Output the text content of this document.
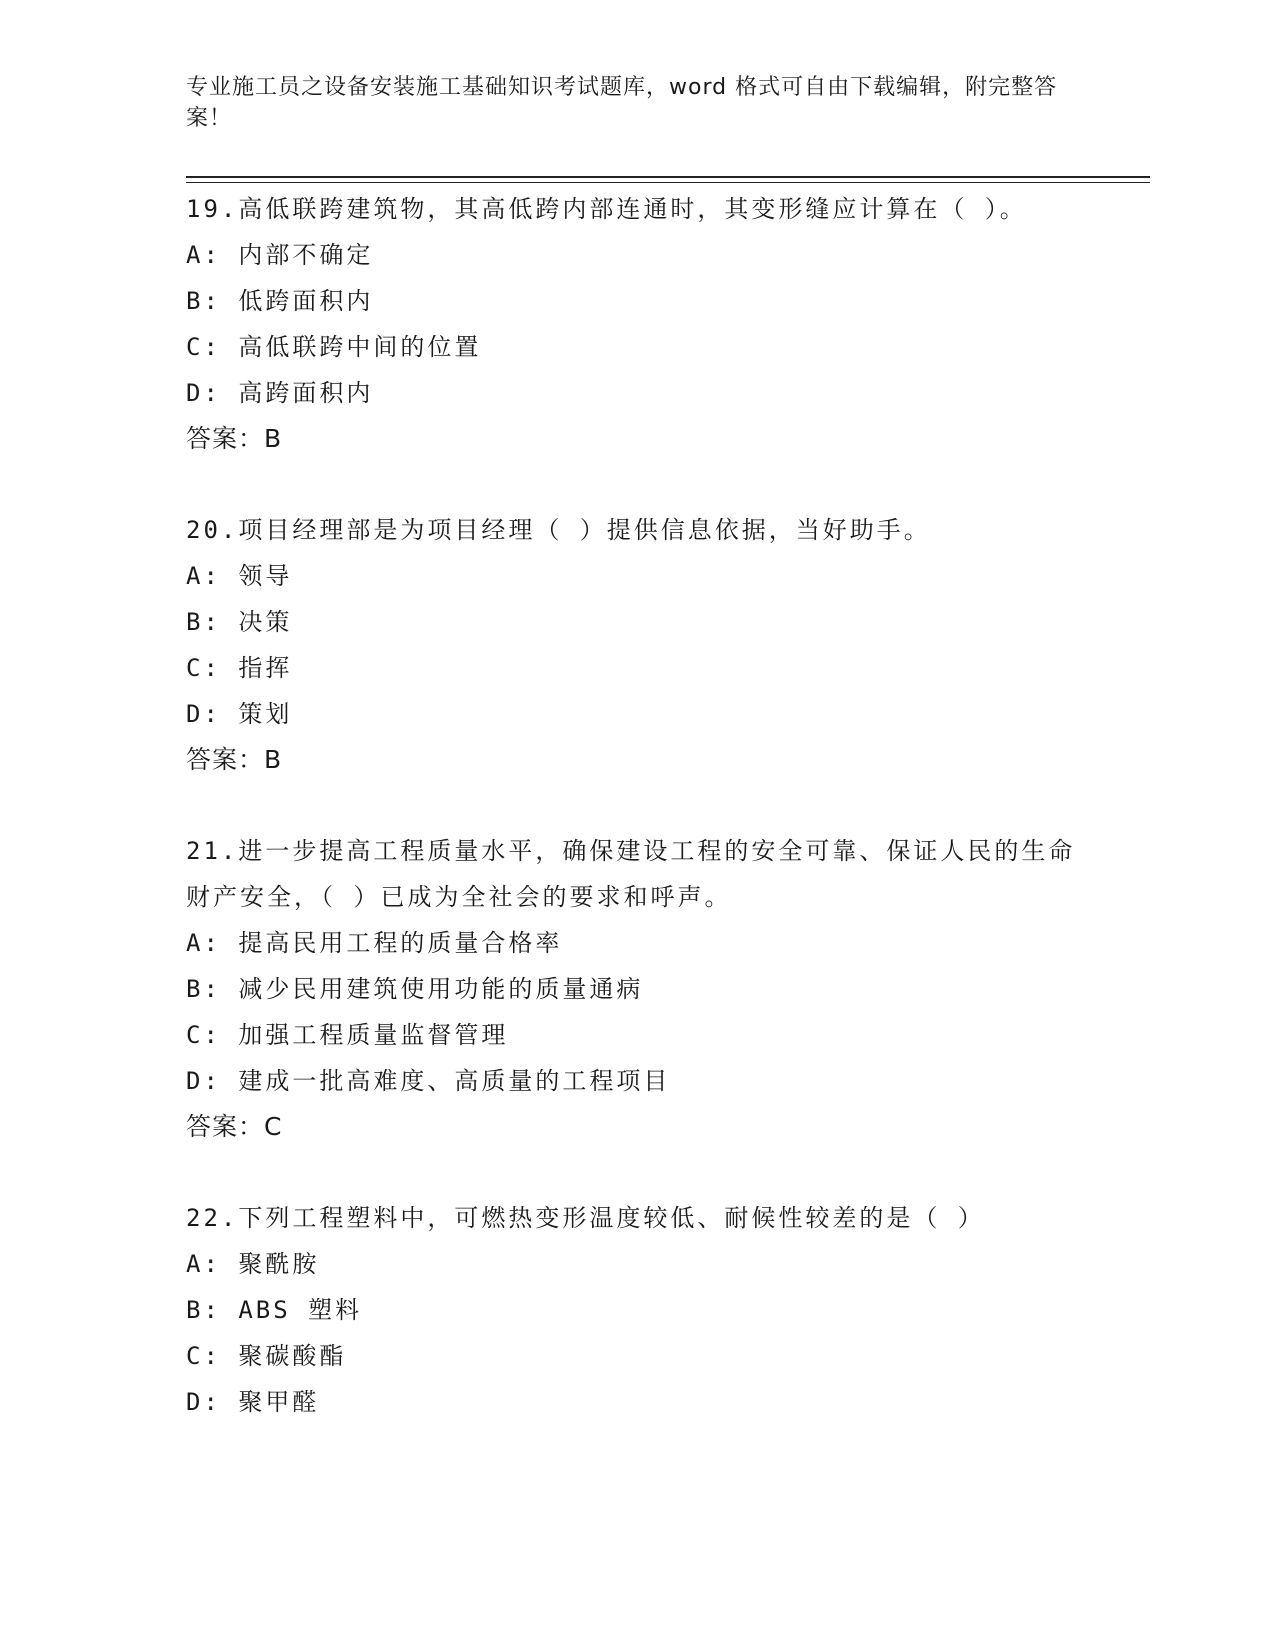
专业施工员之设备安装施工基础知识考试题库，word 格式可自由下载编辑，附完整答案！
19.高低联跨建筑物，其高低跨内部连通时，其变形缝应计算在（ ）。
A: 内部不确定
B: 低跨面积内
C: 高低联跨中间的位置
D: 高跨面积内
答案：B
20.项目经理部是为项目经理（ ）提供信息依据，当好助手。
A: 领导
B: 决策
C: 指挥
D: 策划
答案：B
21.进一步提高工程质量水平，确保建设工程的安全可靠、保证人民的生命财产安全，（ ）已成为全社会的要求和呼声。
A: 提高民用工程的质量合格率
B: 减少民用建筑使用功能的质量通病
C: 加强工程质量监督管理
D: 建成一批高难度、高质量的工程项目
答案：C
22.下列工程塑料中，可燃热变形温度较低、耐候性较差的是（ ）
A: 聚酰胺
B: ABS 塑料
C: 聚碳酸酯
D: 聚甲醛
